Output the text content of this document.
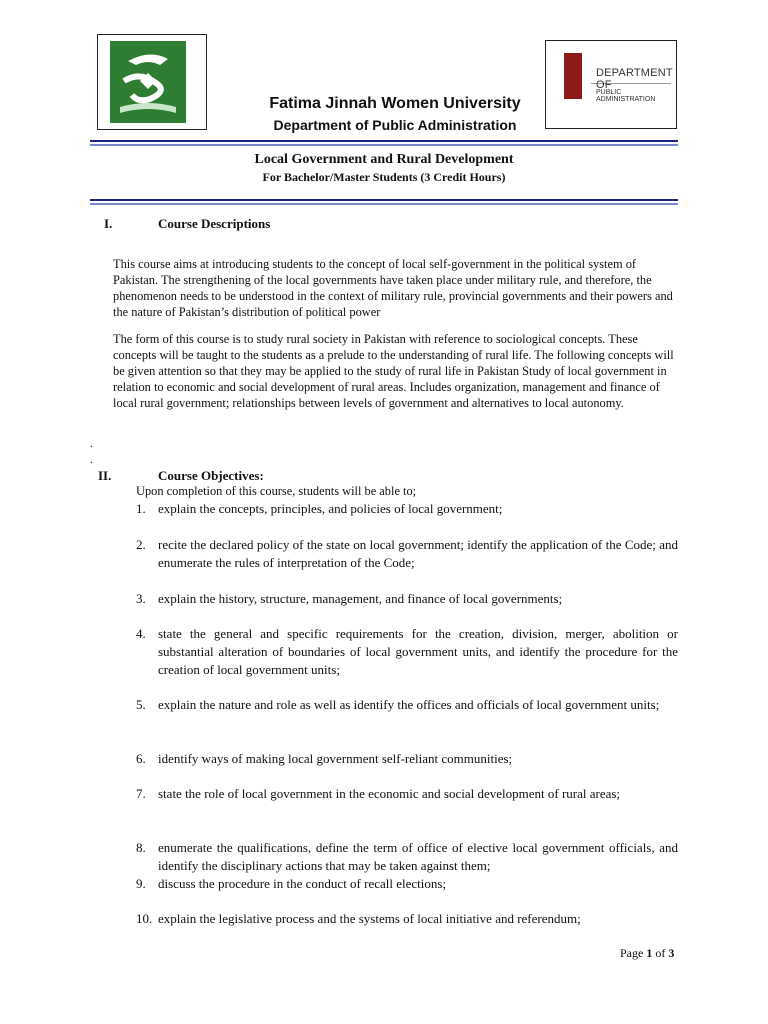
DEPARTMENT OF
PUBLIC ADMINISTRATION
Fatima Jinnah Women University
Department of Public Administration
Local Government and Rural Development
For Bachelor/Master Students (3 Credit Hours)
I.	Course Descriptions
This course aims at introducing students to the concept of local self-government in the political system of Pakistan. The strengthening of the local governments have taken place under military rule, and therefore, the phenomenon needs to be understood in the context of military rule, provincial governments and their powers and the nature of Pakistan’s distribution of political power
The form of this course is to study rural society in Pakistan with reference to sociological concepts. These concepts will be taught to the students as a prelude to the understanding of rural life. The following concepts will be given attention so that they may be applied to the study of rural life in Pakistan Study of local government in relation to economic and social development of rural areas. Includes organization, management and finance of local rural government; relationships between levels of government and alternatives to local autonomy.
.
.
II.	Course Objectives:
Upon completion of this course, students will be able to;
1. explain the concepts, principles, and policies of local government;
2. recite the declared policy of the state on local government; identify the application of the Code; and enumerate the rules of interpretation of the Code;
3. explain the history, structure, management, and finance of local governments;
4. state the general and specific requirements for the creation, division, merger, abolition or substantial alteration of boundaries of local government units, and identify the procedure for the creation of local government units;
5. explain the nature and role as well as identify the offices and officials of local government units;
6. identify ways of making local government self-reliant communities;
7. state the role of local government in the economic and social development of rural areas;
8. enumerate the qualifications, define the term of office of elective local government officials, and identify the disciplinary actions that may be taken against them;
9. discuss the procedure in the conduct of recall elections;
10. explain the legislative process and the systems of local initiative and referendum;
Page 1 of 3
